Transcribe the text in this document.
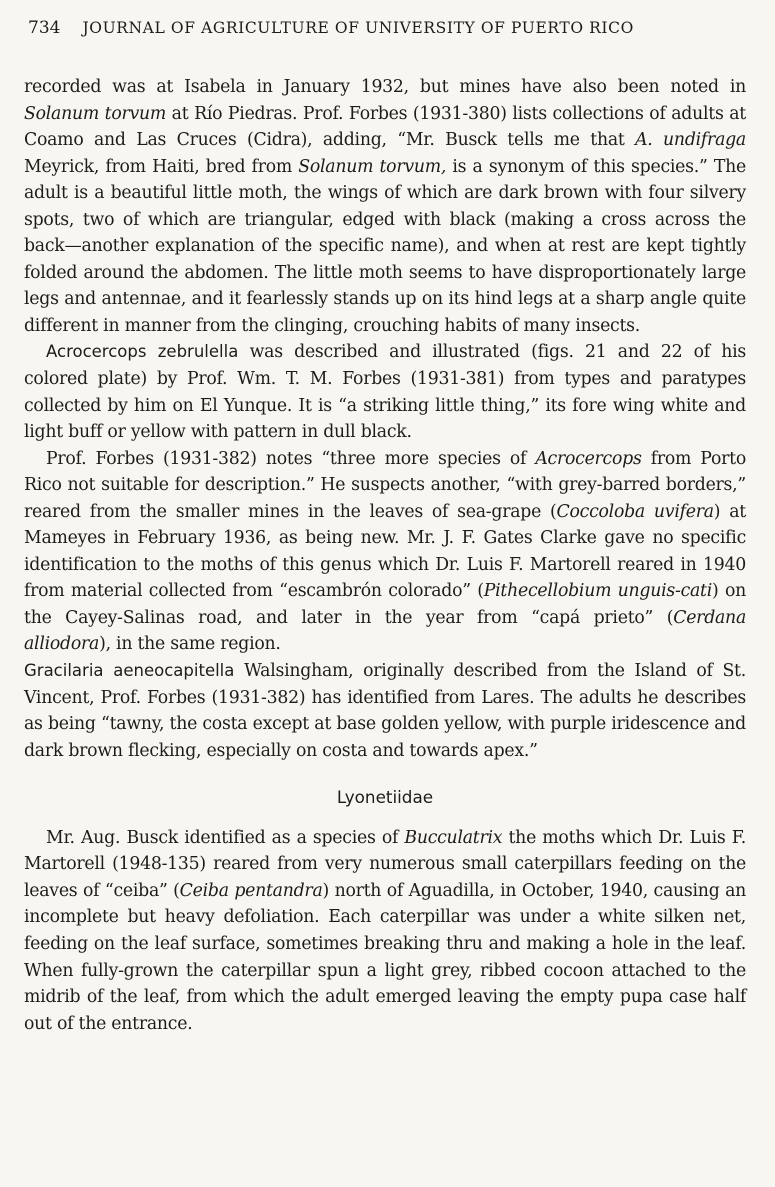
734 JOURNAL OF AGRICULTURE OF UNIVERSITY OF PUERTO RICO

recorded was at Isabela in January 1932, but mines have also been noted in Solanum torvum at Río Piedras. Prof. Forbes (1931-380) lists collections of adults at Coamo and Las Cruces (Cidra), adding, “Mr. Busck tells me that A. undifraga Meyrick, from Haiti, bred from Solanum torvum, is a synonym of this species.” The adult is a beautiful little moth, the wings of which are dark brown with four silvery spots, two of which are triangular, edged with black (making a cross across the back—another explanation of the specific name), and when at rest are kept tightly folded around the abdomen. The little moth seems to have disproportionately large legs and antennae, and it fearlessly stands up on its hind legs at a sharp angle quite different in manner from the clinging, crouching habits of many insects.

Acrocercops zebrulella was described and illustrated (figs. 21 and 22 of his colored plate) by Prof. Wm. T. M. Forbes (1931-381) from types and paratypes collected by him on El Yunque. It is “a striking little thing,” its fore wing white and light buff or yellow with pattern in dull black.

Prof. Forbes (1931-382) notes “three more species of Acrocercops from Porto Rico not suitable for description.” He suspects another, “with grey-barred borders,” reared from the smaller mines in the leaves of sea-grape (Coccoloba uvifera) at Mameyes in February 1936, as being new. Mr. J. F. Gates Clarke gave no specific identification to the moths of this genus which Dr. Luis F. Martorell reared in 1940 from material collected from “escambrón colorado” (Pithecellobium unguis-cati) on the Cayey-Salinas road, and later in the year from “capá prieto” (Cerdana alliodora), in the same region.

Gracilaria aeneocapitella Walsingham, originally described from the Island of St. Vincent, Prof. Forbes (1931-382) has identified from Lares. The adults he describes as being “tawny, the costa except at base golden yellow, with purple iridescence and dark brown flecking, especially on costa and towards apex.”

Lyonetiidae

Mr. Aug. Busck identified as a species of Bucculatrix the moths which Dr. Luis F. Martorell (1948-135) reared from very numerous small caterpillars feeding on the leaves of “ceiba” (Ceiba pentandra) north of Aguadilla, in October, 1940, causing an incomplete but heavy defoliation. Each caterpillar was under a white silken net, feeding on the leaf surface, sometimes breaking thru and making a hole in the leaf. When fully-grown the caterpillar spun a light grey, ribbed cocoon attached to the midrib of the leaf, from which the adult emerged leaving the empty pupa case half out of the entrance.
